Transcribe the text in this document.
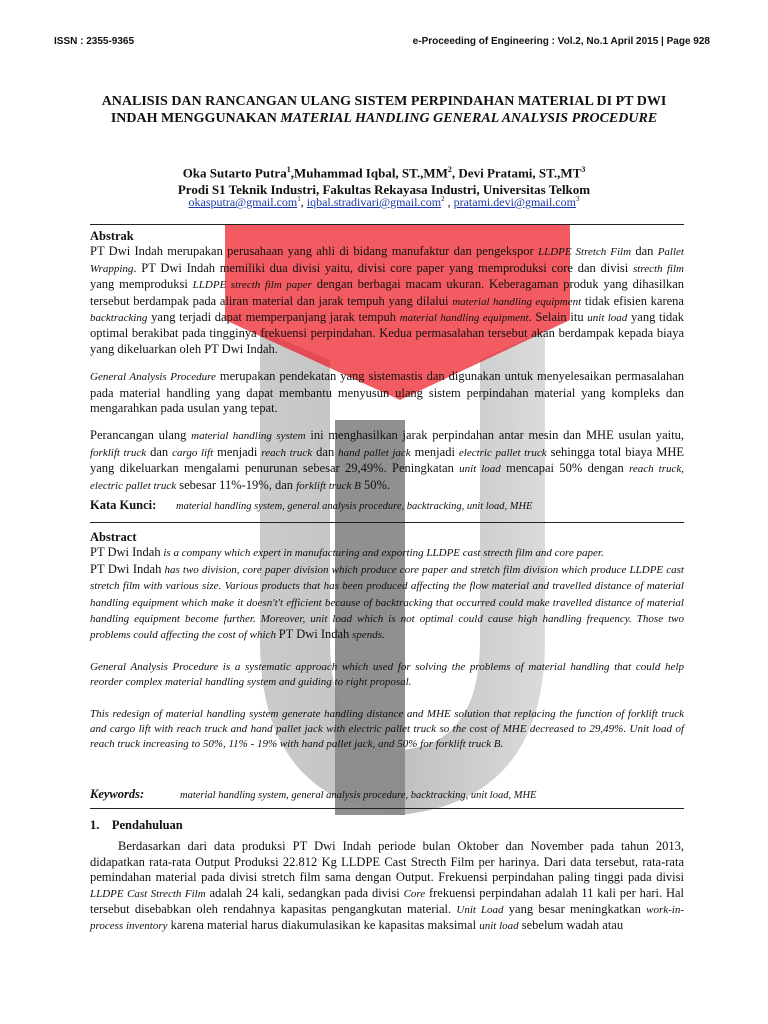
ISSN : 2355-9365	e-Proceeding of Engineering : Vol.2, No.1 April 2015 | Page 928
ANALISIS DAN RANCANGAN ULANG SISTEM PERPINDAHAN MATERIAL DI PT DWI INDAH MENGGUNAKAN MATERIAL HANDLING GENERAL ANALYSIS PROCEDURE
Oka Sutarto Putra$^1$,Muhammad Iqbal, $ST.,MM^2$, Devi Pratami, $ST.,MT^3$
Prodi S1 Teknik Industri, Fakultas Rekayasa Industri, Universitas Telkom
okasputra@gmail.com$^1$, iqbal.stradivari@gmail.com$^2$ , pratami.devi@gmail.com$^3$
Abstrak

PT Dwi Indah merupakan perusahaan yang ahli di bidang manufaktur dan pengekspor LLDPE Stretch Film dan Pallet Wrapping. PT Dwi Indah memiliki dua divisi yaitu, divisi core paper yang memproduksi core dan divisi strecth film yang memproduksi LLDPE strecth film paper dengan berbagai macam ukuran. Keberagaman produk yang dihasilkan tersebut berdampak pada aliran material dan jarak tempuh yang dilalui material handling equipment tidak efisien karena backtracking yang terjadi dapat memperpanjang jarak tempuh material handling equipment. Selain itu unit load yang tidak optimal berakibat pada tingginya frekuensi perpindahan. Kedua permasalahan tersebut akan berdampak kepada biaya yang dikeluarkan oleh PT Dwi Indah.

General Analysis Procedure merupakan pendekatan yang sistemastis dan digunakan untuk menyelesaikan permasalahan pada material handling yang dapat membantu menyusun ulang sistem perpindahan material yang kompleks dan mengarahkan pada usulan yang tepat.

Perancangan ulang material handling system ini menghasilkan jarak perpindahan antar mesin dan MHE usulan yaitu, forklift truck dan cargo lift menjadi reach truck dan hand pallet jack menjadi electric pallet truck sehingga total biaya MHE yang dikeluarkan mengalami penurunan sebesar 29,49%. Peningkatan unit load mencapai 50% dengan reach truck, electric pallet truck sebesar 11%-19%, dan forklift truck B 50%.

Kata Kunci: material handling system, general analysis procedure, backtracking, unit load, MHE
Abstract

PT Dwi Indah is a company which expert in manufacturing and exporting LLDPE cast strecth film and core paper.
PT Dwi Indah has two division, core paper division which produce core paper and stretch film division which produce LLDPE cast stretch film with various size. Various products that has been produced affecting the flow material and travelled distance of material handling equipment which make it doesn't't efficient because of backtracking that occurred could make travelled distance of material handling equipment become further. Moreover, unit load which is not optimal could cause high handling frequency. Those two problems could affecting the cost of which PT Dwi Indah spends.

General Analysis Procedure is a systematic approach which used for solving the problems of material handling that could help reorder complex material handling system and guiding to right proposal.

This redesign of material handling system generate handling distance and MHE solution that replacing the function of forklift truck and cargo lift with reach truck and hand pallet jack with electric pallet truck so the cost of MHE decreased to 29,49%. Unit load of reach truck increasing to 50%, 11% - 19% with hand pallet jack, and 50% for forklift truck B.

Keywords:	material handling system, general analysis procedure, backtracking, unit load, MHE
1.    Pendahuluan

Berdasarkan dari data produksi PT Dwi Indah periode bulan Oktober dan November pada tahun 2013, didapatkan rata-rata Output Produksi 22.812 Kg LLDPE Cast Strecth Film per harinya. Dari data tersebut, rata-rata pemindahan material pada divisi stretch film sama dengan Output. Frekuensi perpindahan paling tinggi pada divisi LLDPE Cast Strecth Film adalah 24 kali, sedangkan pada divisi Core frekuensi perpindahan adalah 11 kali per hari. Hal tersebut disebabkan oleh rendahnya kapasitas pengangkutan material. Unit Load yang besar meningkatkan work-in-process inventory karena material harus diakumulasikan ke kapasitas maksimal unit load sebelum wadah atau
